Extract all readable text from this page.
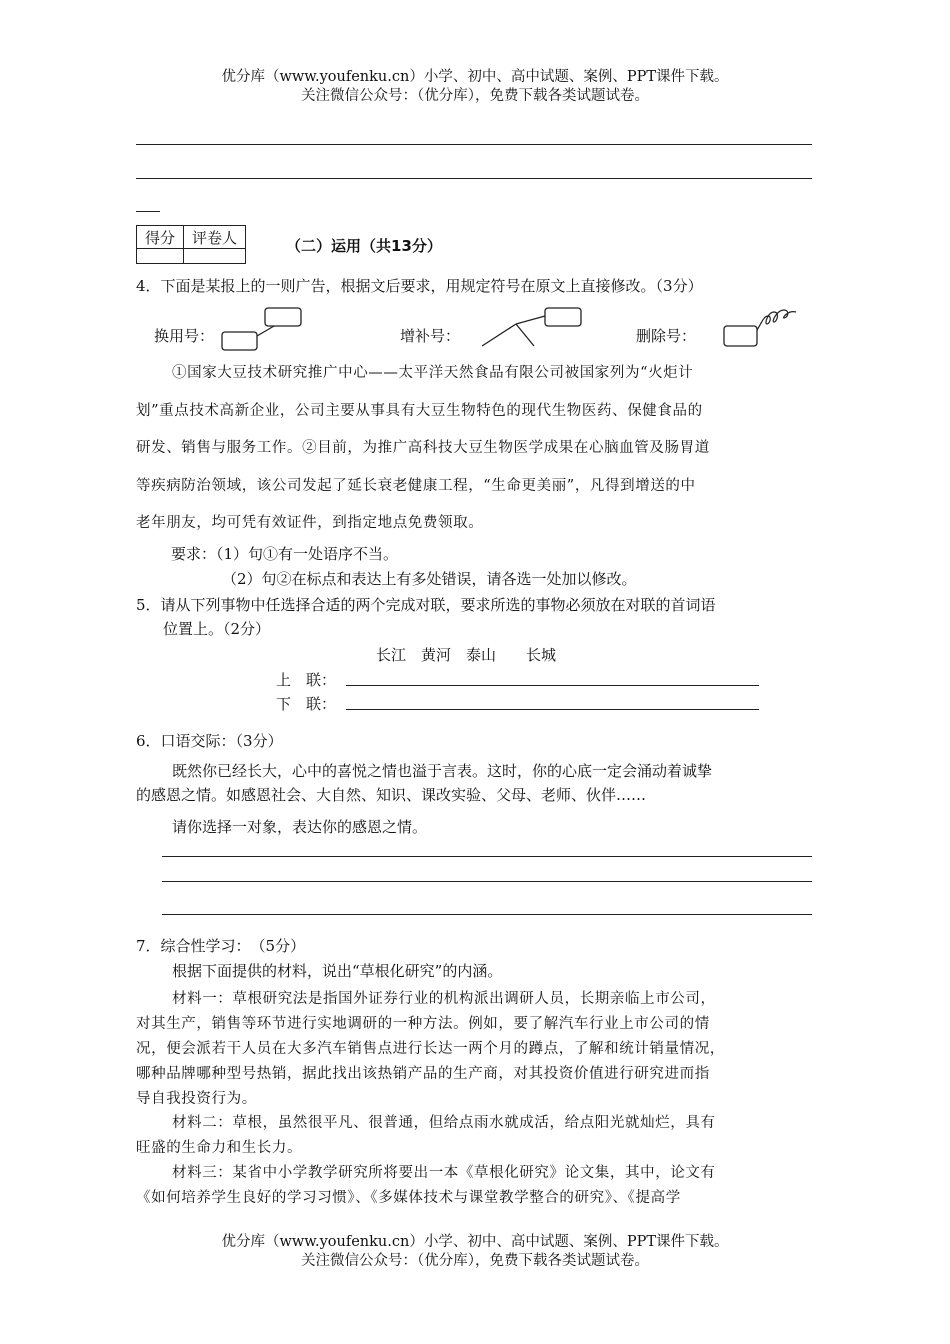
优分库（www.youfenku.cn）小学、初中、高中试题、案例、PPT课件下载。
关注微信公众号：（优分库），免费下载各类试题试卷。
得分	评卷人
		（二）运用（共13分）
4．下面是某报上的一则广告，根据文后要求，用规定符号在原文上直接修改。（3分）
换用号：	增补号：	删除号：
①国家大豆技术研究推广中心——太平洋天然食品有限公司被国家列为“火炬计
划”重点技术高新企业，公司主要从事具有大豆生物特色的现代生物医药、保健食品的
研发、销售与服务工作。②目前，为推广高科技大豆生物医学成果在心脑血管及肠胃道
等疾病防治领域，该公司发起了延长衰老健康工程，“生命更美丽”，凡得到增送的中
老年朋友，均可凭有效证件，到指定地点免费领取。
要求：（1）句①有一处语序不当。
（2）句②在标点和表达上有多处错误，请各选一处加以修改。
5．请从下列事物中任选择合适的两个完成对联，要求所选的事物必须放在对联的首词语
位置上。（2分）
长江　黄河　泰山　　长城
上　联：
下　联：
6．口语交际：（3分）
既然你已经长大，心中的喜悦之情也溢于言表。这时，你的心底一定会涌动着诚挚
的感恩之情。如感恩社会、大自然、知识、课改实验、父母、老师、伙伴……
请你选择一对象，表达你的感恩之情。
7．综合性学习：　（5分）
根据下面提供的材料，说出“草根化研究”的内涵。
材料一：草根研究法是指国外证券行业的机构派出调研人员，长期亲临上市公司，
对其生产，销售等环节进行实地调研的一种方法。例如，要了解汽车行业上市公司的情
况，便会派若干人员在大多汽车销售点进行长达一两个月的蹲点，了解和统计销量情况，
哪种品牌哪种型号热销，据此找出该热销产品的生产商，对其投资价值进行研究进而指
导自我投资行为。
材料二：草根，虽然很平凡、很普通，但给点雨水就成活，给点阳光就灿烂，具有
旺盛的生命力和生长力。
材料三：某省中小学教学研究所将要出一本《草根化研究》论文集，其中，论文有
《如何培养学生良好的学习习惯》、《多媒体技术与课堂教学整合的研究》、《提高学
优分库（www.youfenku.cn）小学、初中、高中试题、案例、PPT课件下载。
关注微信公众号：（优分库），免费下载各类试题试卷。
